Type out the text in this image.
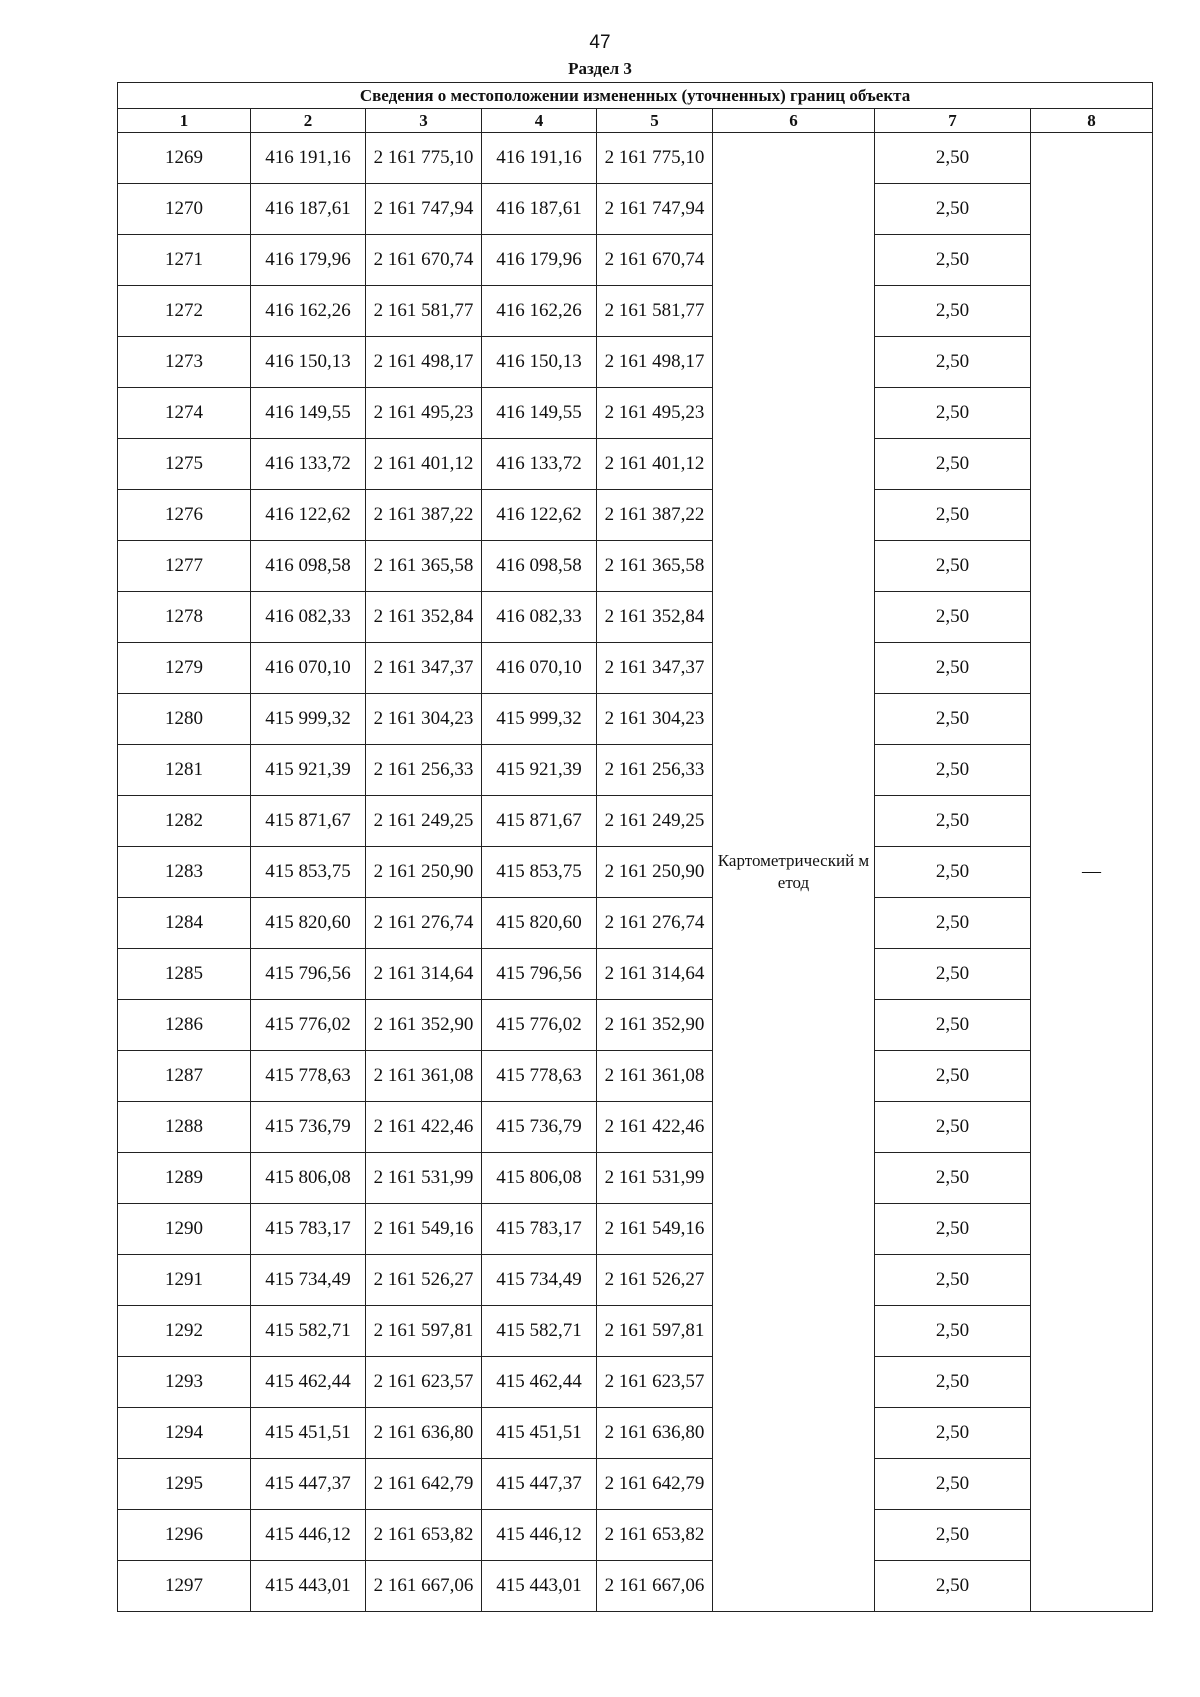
47
Раздел 3
Сведения о местоположении измененных (уточненных) границ объекта							
1	2	3	4	5	6	7	8
1269	416 191,16	2 161 775,10	416 191,16	2 161 775,10	Картометрический метод	2,50	—
1270	416 187,61	2 161 747,94	416 187,61	2 161 747,94		2,50	
1271	416 179,96	2 161 670,74	416 179,96	2 161 670,74		2,50	
1272	416 162,26	2 161 581,77	416 162,26	2 161 581,77		2,50	
1273	416 150,13	2 161 498,17	416 150,13	2 161 498,17		2,50	
1274	416 149,55	2 161 495,23	416 149,55	2 161 495,23		2,50	
1275	416 133,72	2 161 401,12	416 133,72	2 161 401,12		2,50	
1276	416 122,62	2 161 387,22	416 122,62	2 161 387,22		2,50	
1277	416 098,58	2 161 365,58	416 098,58	2 161 365,58		2,50	
1278	416 082,33	2 161 352,84	416 082,33	2 161 352,84		2,50	
1279	416 070,10	2 161 347,37	416 070,10	2 161 347,37		2,50	
1280	415 999,32	2 161 304,23	415 999,32	2 161 304,23		2,50	
1281	415 921,39	2 161 256,33	415 921,39	2 161 256,33		2,50	
1282	415 871,67	2 161 249,25	415 871,67	2 161 249,25		2,50	
1283	415 853,75	2 161 250,90	415 853,75	2 161 250,90		2,50	
1284	415 820,60	2 161 276,74	415 820,60	2 161 276,74		2,50	
1285	415 796,56	2 161 314,64	415 796,56	2 161 314,64		2,50	
1286	415 776,02	2 161 352,90	415 776,02	2 161 352,90		2,50	
1287	415 778,63	2 161 361,08	415 778,63	2 161 361,08		2,50	
1288	415 736,79	2 161 422,46	415 736,79	2 161 422,46		2,50	
1289	415 806,08	2 161 531,99	415 806,08	2 161 531,99		2,50	
1290	415 783,17	2 161 549,16	415 783,17	2 161 549,16		2,50	
1291	415 734,49	2 161 526,27	415 734,49	2 161 526,27		2,50	
1292	415 582,71	2 161 597,81	415 582,71	2 161 597,81		2,50	
1293	415 462,44	2 161 623,57	415 462,44	2 161 623,57		2,50	
1294	415 451,51	2 161 636,80	415 451,51	2 161 636,80		2,50	
1295	415 447,37	2 161 642,79	415 447,37	2 161 642,79		2,50	
1296	415 446,12	2 161 653,82	415 446,12	2 161 653,82		2,50	
1297	415 443,01	2 161 667,06	415 443,01	2 161 667,06		2,50	
